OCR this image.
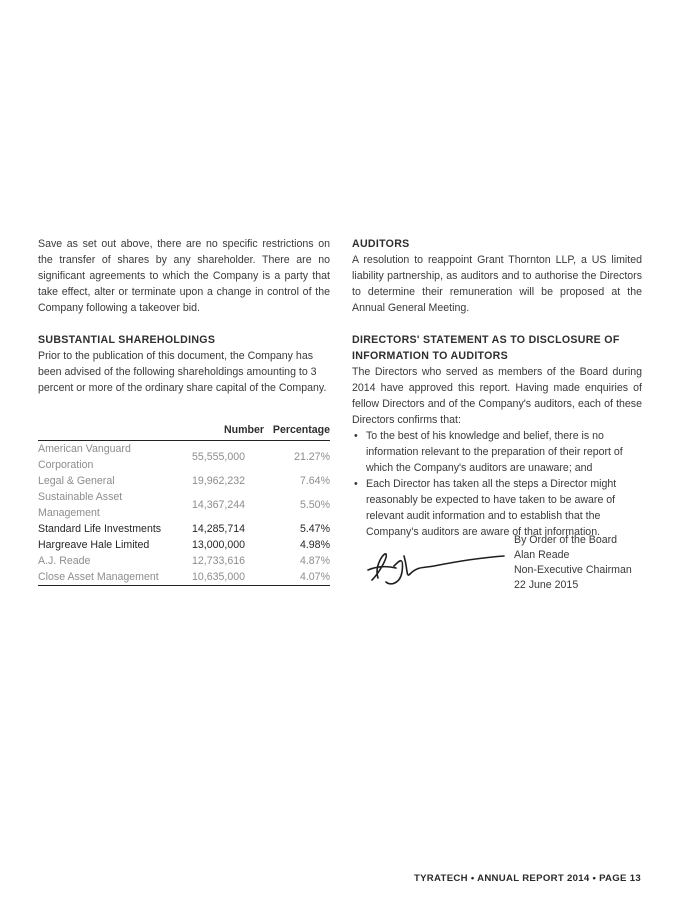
Save as set out above, there are no specific restrictions on the transfer of shares by any shareholder. There are no significant agreements to which the Company is a party that take effect, alter or terminate upon a change in control of the Company following a takeover bid.

SUBSTANTIAL SHAREHOLDINGS

Prior to the publication of this document, the Company has been advised of the following shareholdings amounting to 3 percent or more of the ordinary share capital of the Company.

	Number	Percentage
American Vanguard Corporation	55,555,000	21.27%
Legal & General	19,962,232	7.64%
Sustainable Asset Management	14,367,244	5.50%
Standard Life Investments	14,285,714	5.47%
Hargreave Hale Limited	13,000,000	4.98%
A.J. Reade	12,733,616	4.87%
Close Asset Management	10,635,000	4.07%
AUDITORS

A resolution to reappoint Grant Thornton LLP, a US limited liability partnership, as auditors and to authorise the Directors to determine their remuneration will be proposed at the Annual General Meeting.

DIRECTORS' STATEMENT AS TO DISCLOSURE OF
INFORMATION TO AUDITORS

The Directors who served as members of the Board during 2014 have approved this report. Having made enquiries of fellow Directors and of the Company's auditors, each of these Directors confirms that:

• To the best of his knowledge and belief, there is no information relevant to the preparation of their report of which the Company's auditors are unaware; and
• Each Director has taken all the steps a Director might reasonably be expected to have taken to be aware of relevant audit information and to establish that the Company's auditors are aware of that information.
By Order of the Board
Alan Reade
Non-Executive Chairman
22 June 2015
TYRATECH • ANNUAL REPORT 2014 • PAGE 13
